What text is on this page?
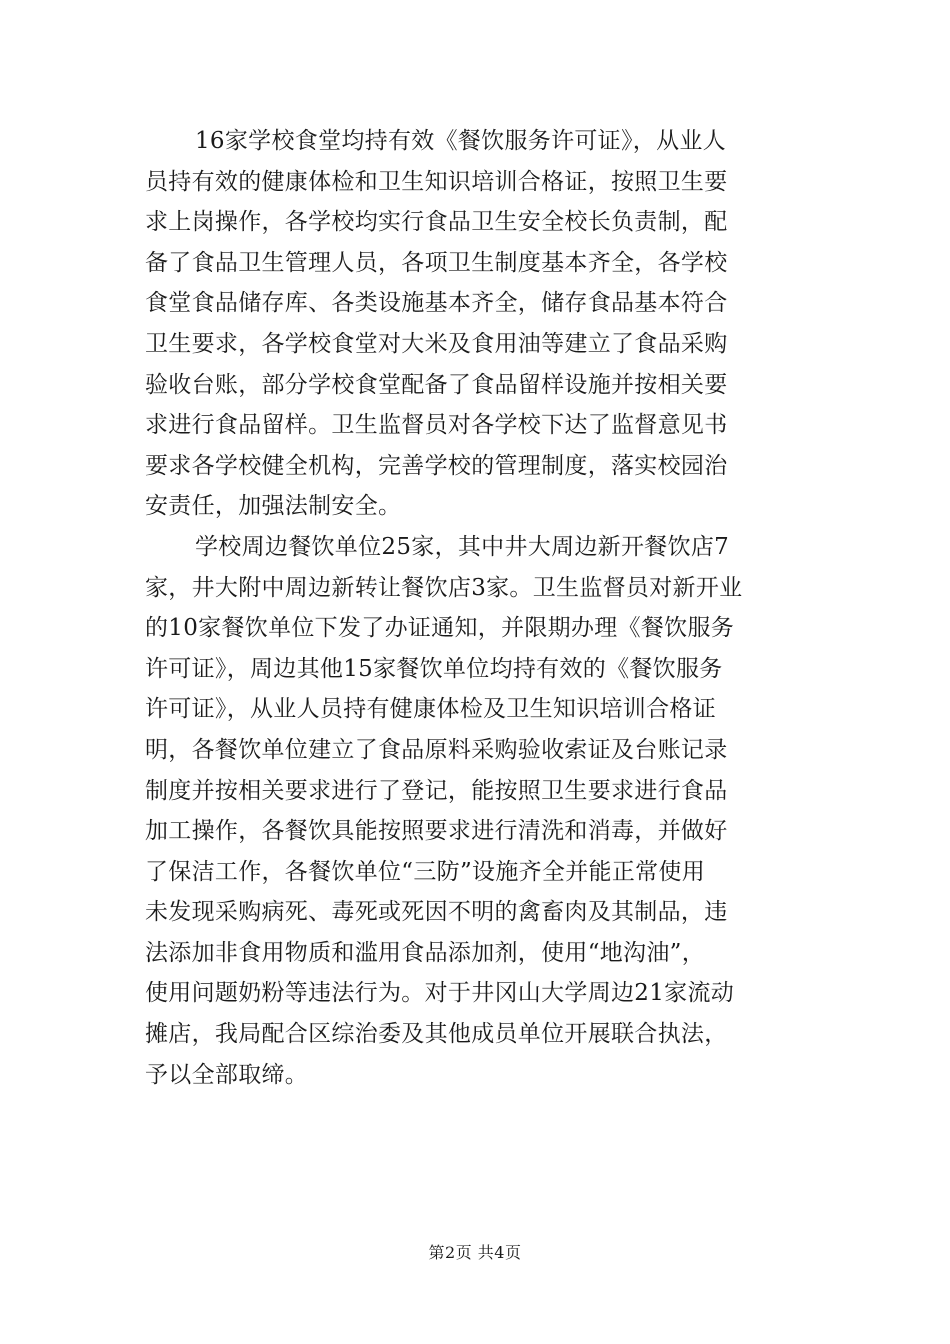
16家学校食堂均持有效《餐饮服务许可证》，从业人
员持有效的健康体检和卫生知识培训合格证，按照卫生要
求上岗操作，各学校均实行食品卫生安全校长负责制，配
备了食品卫生管理人员，各项卫生制度基本齐全，各学校
食堂食品储存库、各类设施基本齐全，储存食品基本符合
卫生要求，各学校食堂对大米及食用油等建立了食品采购
验收台账，部分学校食堂配备了食品留样设施并按相关要
求进行食品留样。卫生监督员对各学校下达了监督意见书
要求各学校健全机构，完善学校的管理制度，落实校园治
安责任，加强法制安全。
学校周边餐饮单位25家，其中井大周边新开餐饮店7
家，井大附中周边新转让餐饮店3家。卫生监督员对新开业
的10家餐饮单位下发了办证通知，并限期办理《餐饮服务
许可证》，周边其他15家餐饮单位均持有效的《餐饮服务
许可证》，从业人员持有健康体检及卫生知识培训合格证
明，各餐饮单位建立了食品原料采购验收索证及台账记录
制度并按相关要求进行了登记，能按照卫生要求进行食品
加工操作，各餐饮具能按照要求进行清洗和消毒，并做好
了保洁工作，各餐饮单位“三防”设施齐全并能正常使用
未发现采购病死、毒死或死因不明的禽畜肉及其制品，违
法添加非食用物质和滥用食品添加剂，使用“地沟油”，
使用问题奶粉等违法行为。对于井冈山大学周边21家流动
摊店，我局配合区综治委及其他成员单位开展联合执法，
予以全部取缔。
第2页 共4页
